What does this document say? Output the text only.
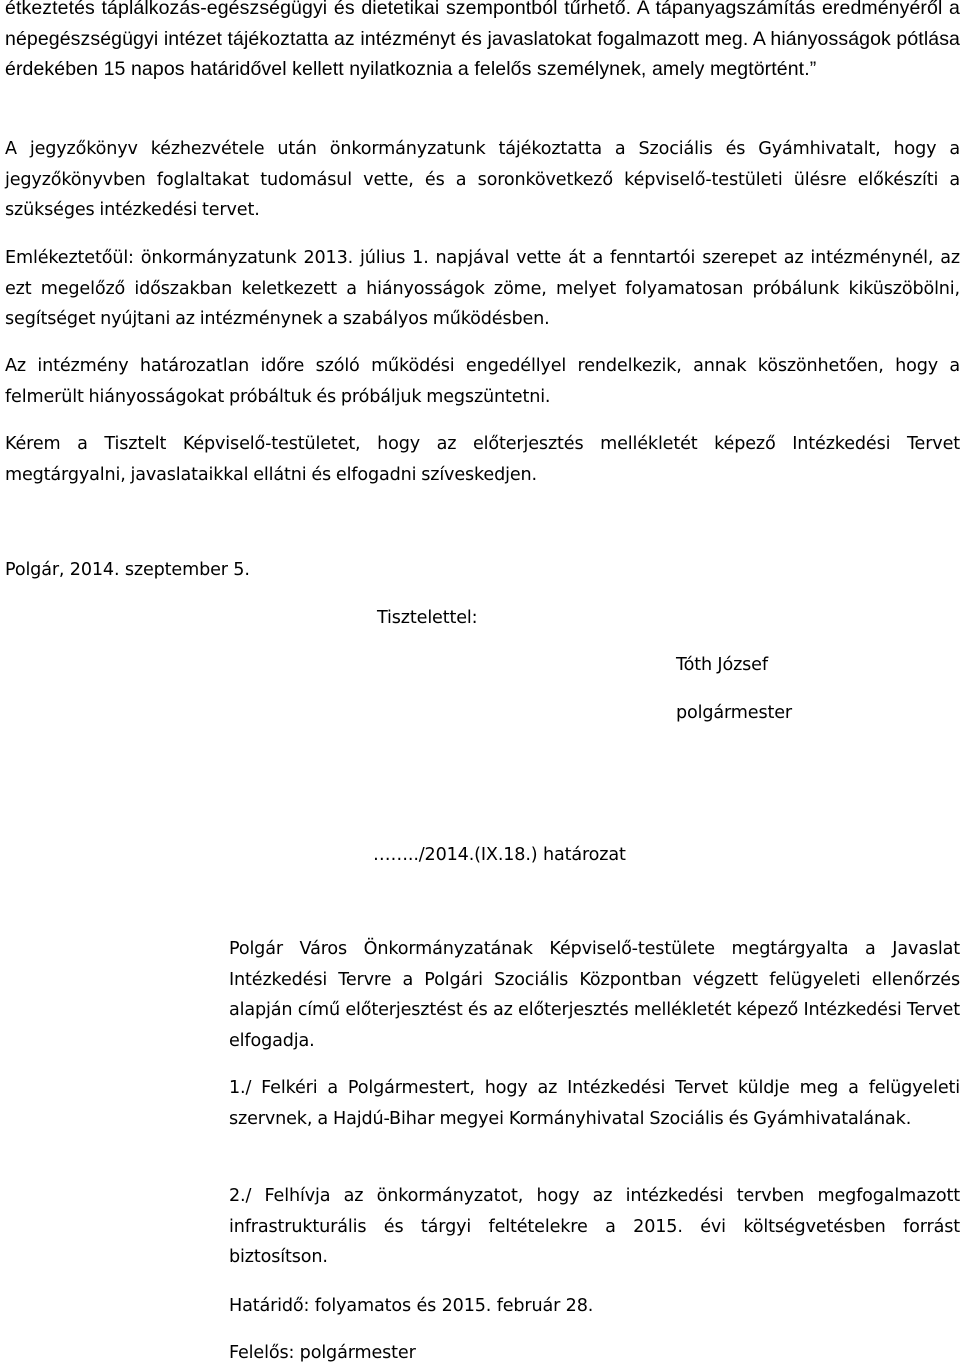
étkeztetés táplálkozás-egészségügyi és dietetikai szempontból tűrhető. A tápanyagszámítás eredményéről a népegészségügyi intézet tájékoztatta az intézményt és javaslatokat fogalmazott meg. A hiányosságok pótlása érdekében 15 napos határidővel kellett nyilatkoznia a felelős személynek, amely megtörtént.”

A jegyzőkönyv kézhezvétele után önkormányzatunk tájékoztatta a Szociális és Gyámhivatalt, hogy a jegyzőkönyvben foglaltakat tudomásul vette, és a soronkövetkező képviselő-testületi ülésre előkészíti a szükséges intézkedési tervet.

Emlékeztetőül: önkormányzatunk 2013. július 1. napjával vette át a fenntartói szerepet az intézménynél, az ezt megelőző időszakban keletkezett a hiányosságok zöme, melyet folyamatosan próbálunk kiküszöbölni, segítséget nyújtani az intézménynek a szabályos működésben.

Az intézmény határozatlan időre szóló működési engedéllyel rendelkezik, annak köszönhetően, hogy a felmerült hiányosságokat próbáltuk és próbáljuk megszüntetni.

Kérem a Tisztelt Képviselő-testületet, hogy az előterjesztés mellékletét képező Intézkedési Tervet megtárgyalni, javaslataikkal ellátni és elfogadni szíveskedjen.

Polgár, 2014. szeptember 5.
Tisztelettel:
Tóth József
polgármester
……../2014.(IX.18.) határozat

Polgár Város Önkormányzatának Képviselő-testülete megtárgyalta a Javaslat Intézkedési Tervre a Polgári Szociális Központban végzett felügyeleti ellenőrzés alapján című előterjesztést és az előterjesztés mellékletét képező Intézkedési Tervet elfogadja.

1./ Felkéri a Polgármestert, hogy az Intézkedési Tervet küldje meg a felügyeleti szervnek, a Hajdú-Bihar megyei Kormányhivatal Szociális és Gyámhivatalának.

2./ Felhívja az önkormányzatot, hogy az intézkedési tervben megfogalmazott infrastrukturális és tárgyi feltételekre a 2015. évi költségvetésben forrást biztosítson.

Határidő: folyamatos és 2015. február 28.
Felelős: polgármester
